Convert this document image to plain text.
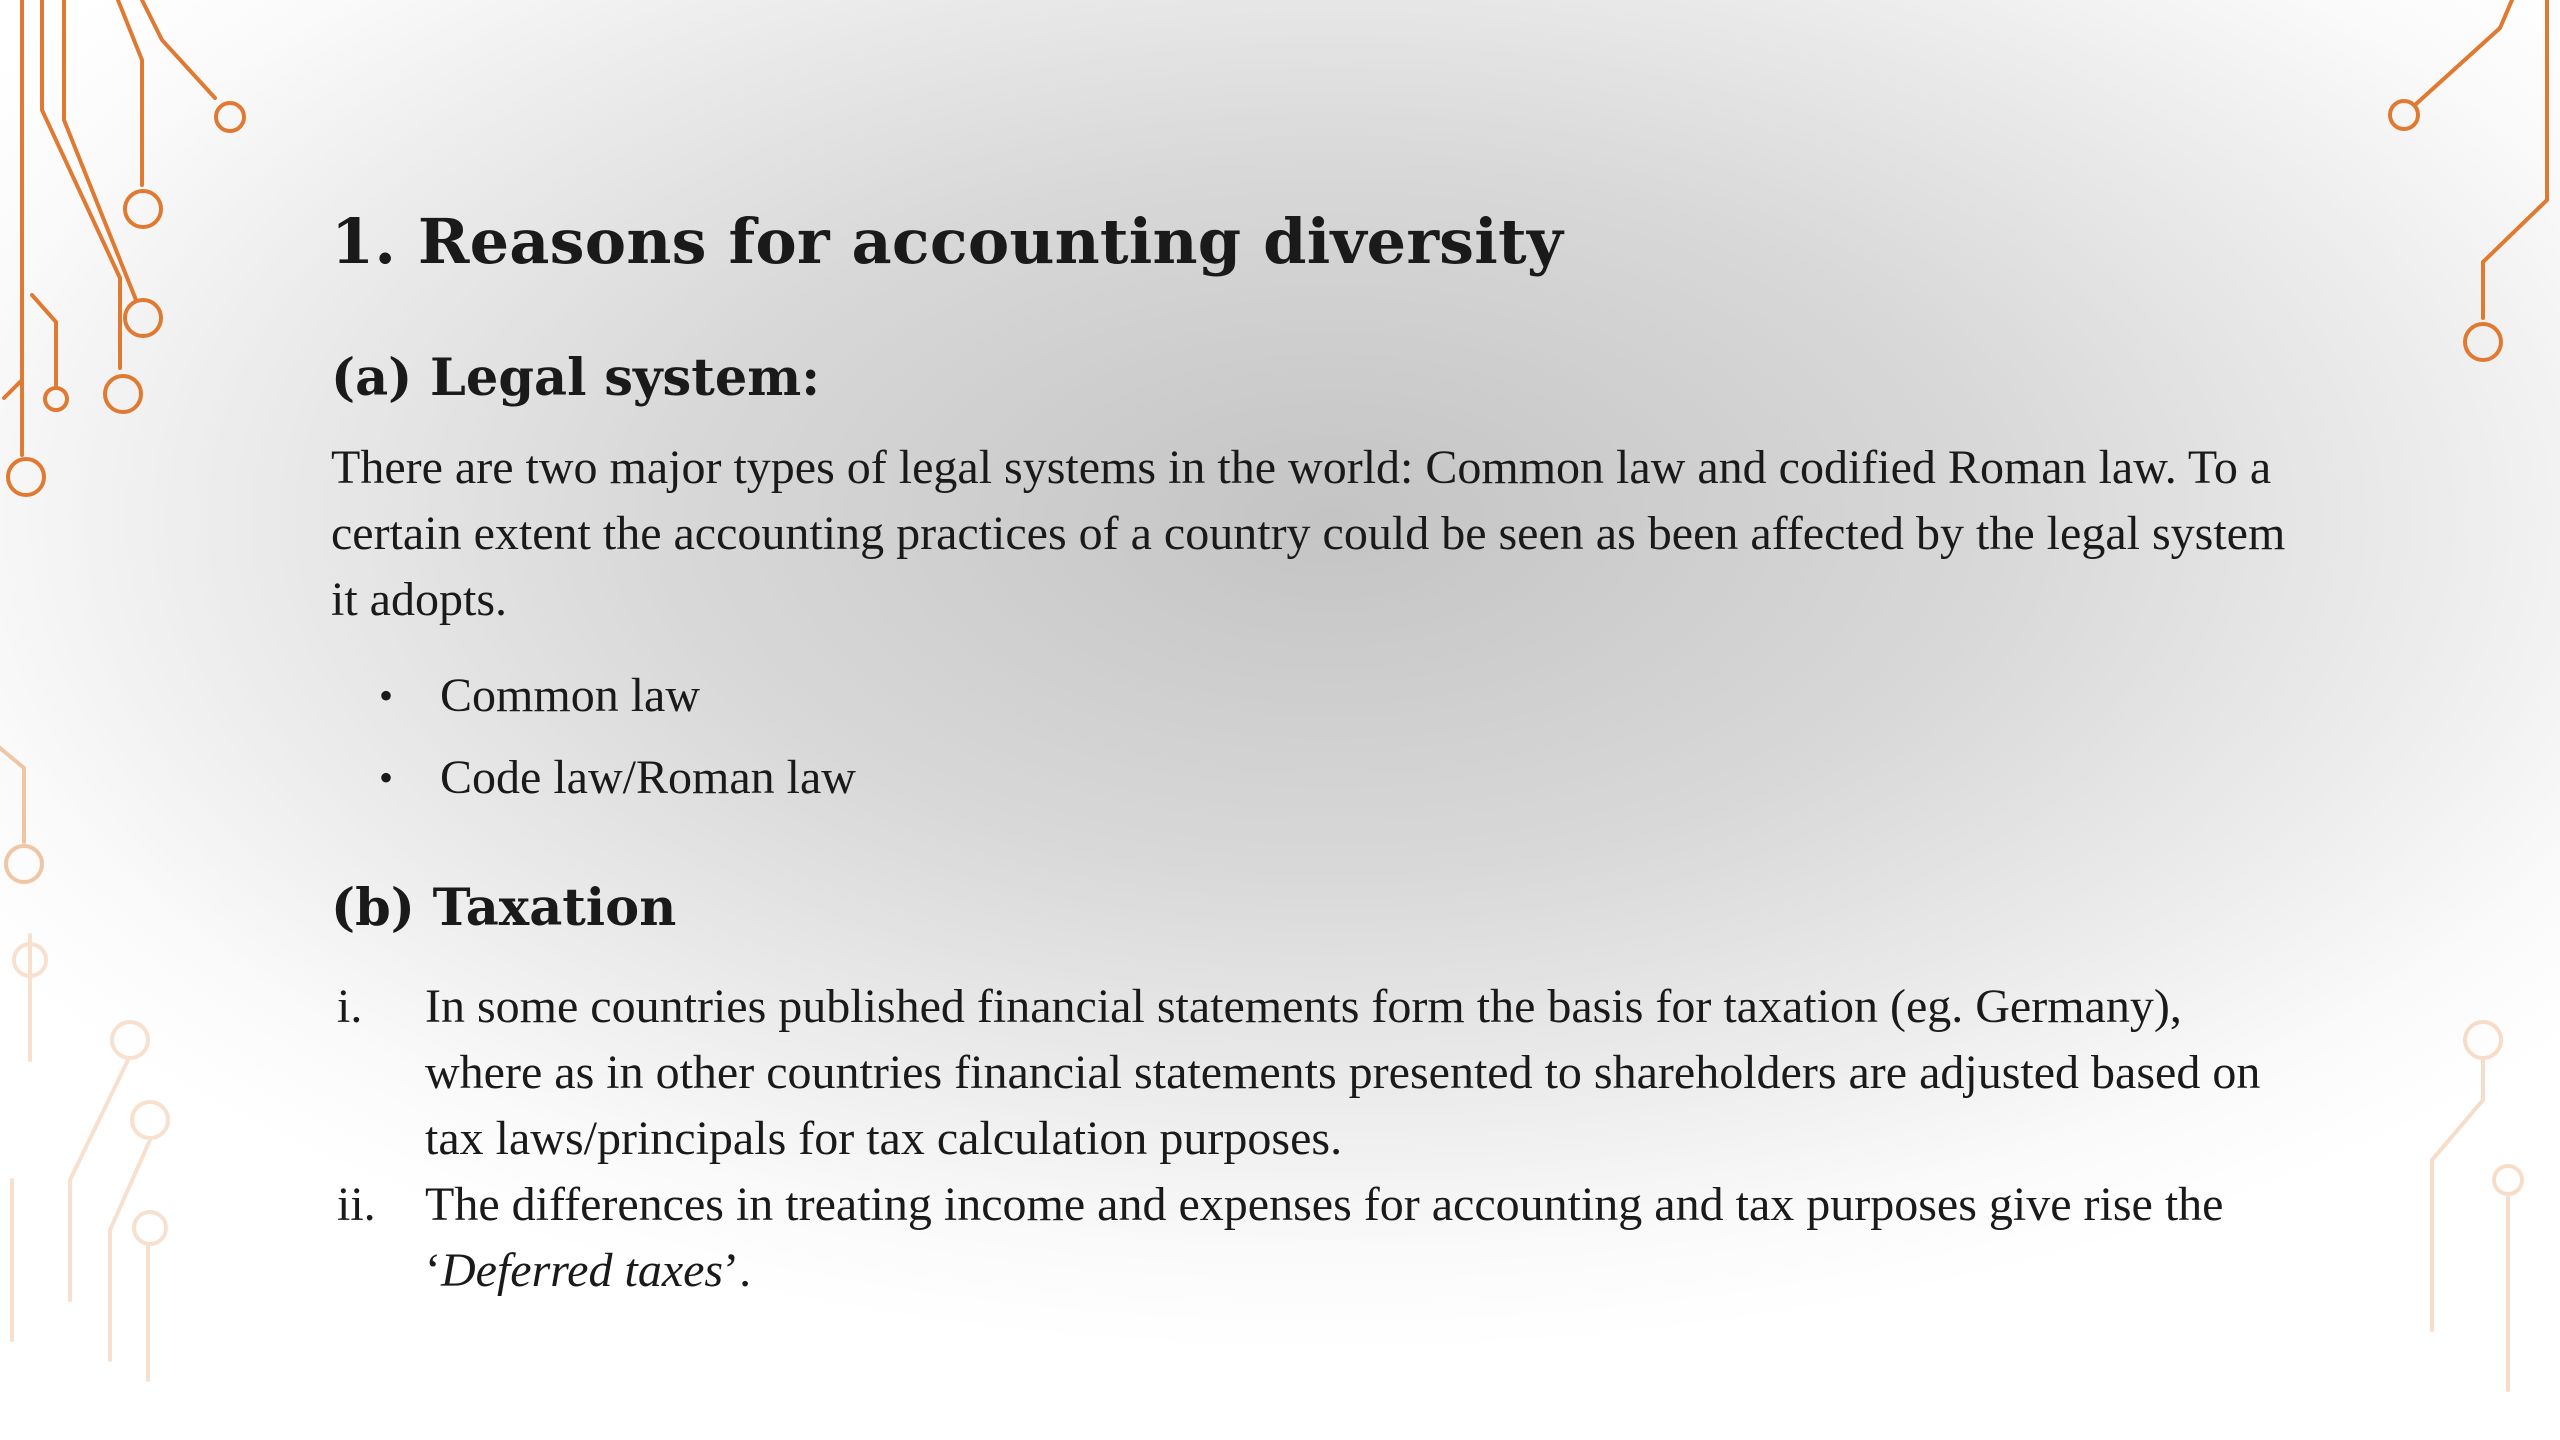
1. Reasons for accounting diversity
(a) Legal system:

There are two major types of legal systems in the world: Common law and codified Roman law. To a certain extent the accounting practices of a country could be seen as been affected by the legal system it adopts.

• Common law
• Code law/Roman law
(b) Taxation
i. In some countries published financial statements form the basis for taxation (eg. Germany), where as in other countries financial statements presented to shareholders are adjusted based on tax laws/principals for tax calculation purposes.
ii. The differences in treating income and expenses for accounting and tax purposes give rise the ‘Deferred taxes’.
